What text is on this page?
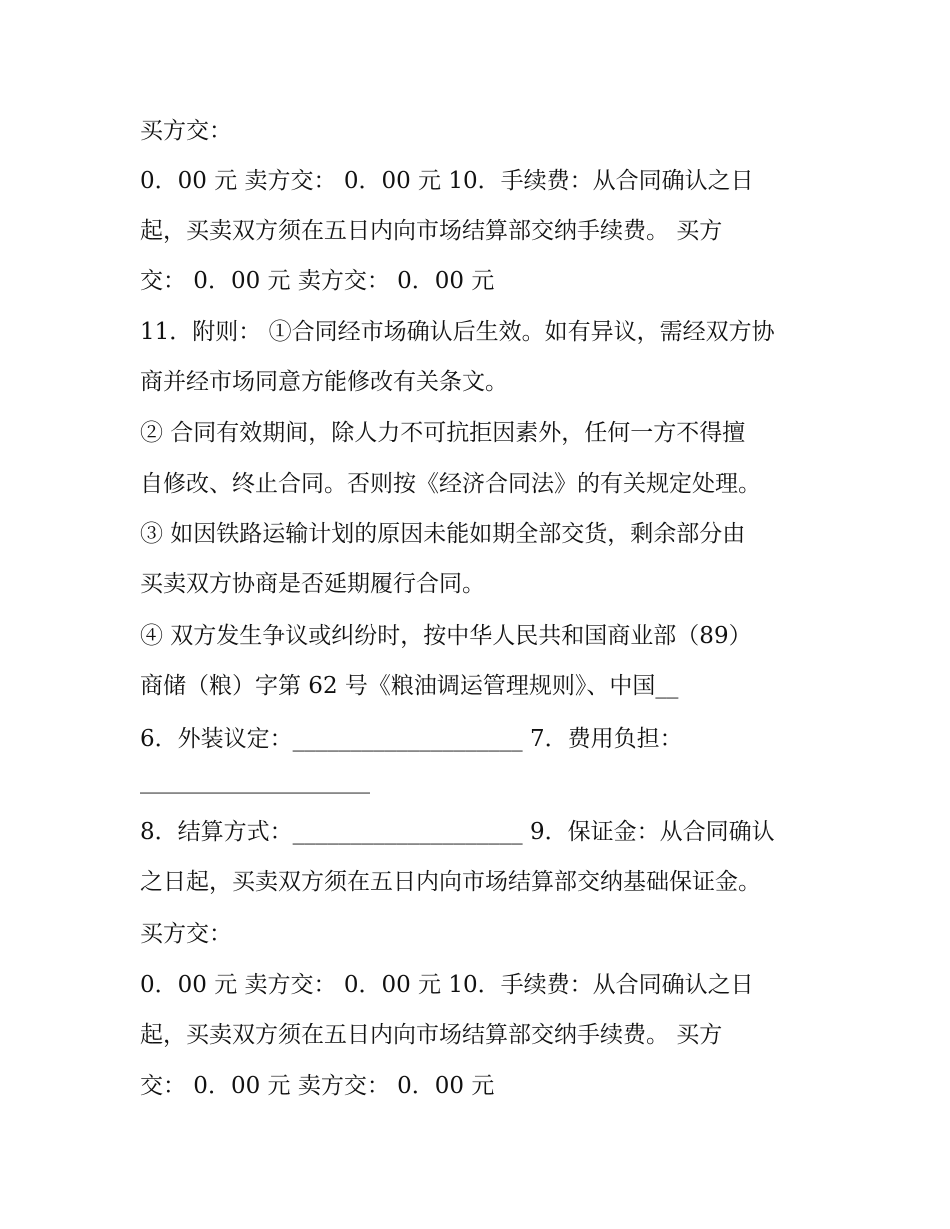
买方交：
0．00 元 卖方交： 0．00 元 10．手续费：从合同确认之日
起，买卖双方须在五日内向市场结算部交纳手续费。 买方
交： 0．00 元 卖方交： 0．00 元
11．附则： ①合同经市场确认后生效。如有异议，需经双方协
商并经市场同意方能修改有关条文。
② 合同有效期间，除人力不可抗拒因素外，任何一方不得擅
自修改、终止合同。否则按《经济合同法》的有关规定处理。
③ 如因铁路运输计划的原因未能如期全部交货，剩余部分由
买卖双方协商是否延期履行合同。
④ 双方发生争议或纠纷时，按中华人民共和国商业部（89）
商储（粮）字第 62 号《粮油调运管理规则》、中国__
6．外装议定：____________________ 7．费用负担：
____________________
8．结算方式：____________________ 9．保证金：从合同确认
之日起，买卖双方须在五日内向市场结算部交纳基础保证金。
买方交：
0．00 元 卖方交： 0．00 元 10．手续费：从合同确认之日
起，买卖双方须在五日内向市场结算部交纳手续费。 买方
交： 0．00 元 卖方交： 0．00 元
